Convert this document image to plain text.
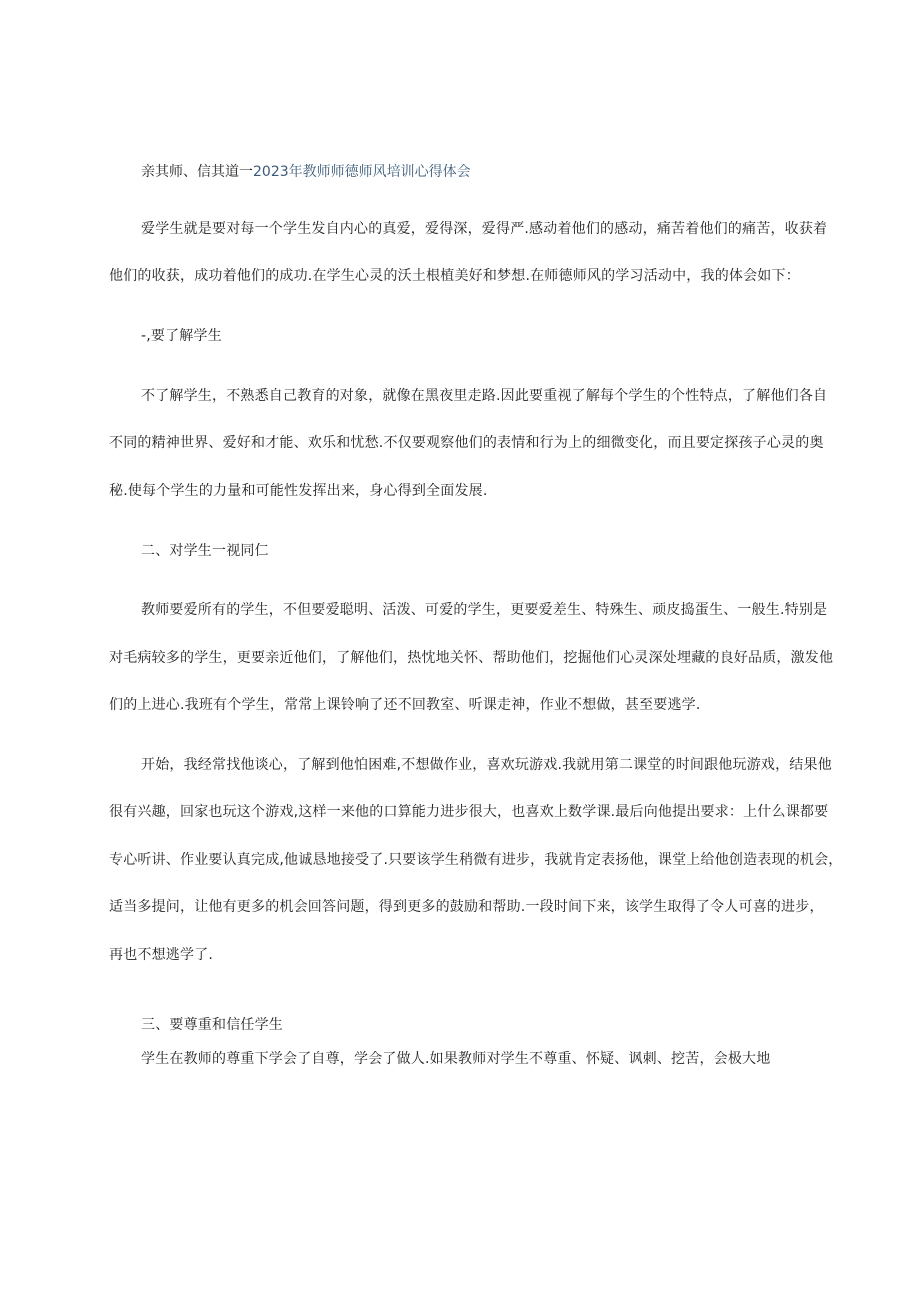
亲其师、信其道一2023年教师师德师风培训心得体会
爱学生就是要对每一个学生发自内心的真爱，爱得深，爱得严.感动着他们的感动，痛苦着他们的痛苦，收获着
他们的收获，成功着他们的成功.在学生心灵的沃土根植美好和梦想.在师德师风的学习活动中，我的体会如下：
-,要了解学生
不了解学生，不熟悉自己教育的对象，就像在黑夜里走路.因此要重视了解每个学生的个性特点，了解他们各自
不同的精神世界、爱好和才能、欢乐和忧愁.不仅要观察他们的表情和行为上的细微变化，而且要定探孩子心灵的奥
秘.使每个学生的力量和可能性发挥出来，身心得到全面发展.
二、对学生一视同仁
教师要爱所有的学生，不但要爱聪明、活泼、可爱的学生，更要爱差生、特殊生、顽皮捣蛋生、一般生.特别是
对毛病较多的学生，更要亲近他们，了解他们，热忱地关怀、帮助他们，挖掘他们心灵深处埋藏的良好品质，激发他
们的上进心.我班有个学生，常常上课铃响了还不回教室、听课走神，作业不想做，甚至要逃学.
开始，我经常找他谈心，了解到他怕困难,不想做作业，喜欢玩游戏.我就用第二课堂的时间跟他玩游戏，结果他
很有兴趣，回家也玩这个游戏,这样一来他的口算能力进步很大，也喜欢上数学课.最后向他提出要求：上什么课都要
专心听讲、作业要认真完成,他诚恳地接受了.只要该学生稍微有进步，我就肯定表扬他，课堂上给他创造表现的机会，
适当多提问，让他有更多的机会回答问题，得到更多的鼓励和帮助.一段时间下来，该学生取得了令人可喜的进步，
再也不想逃学了.
三、要尊重和信任学生
学生在教师的尊重下学会了自尊，学会了做人.如果教师对学生不尊重、怀疑、讽刺、挖苦，会极大地
